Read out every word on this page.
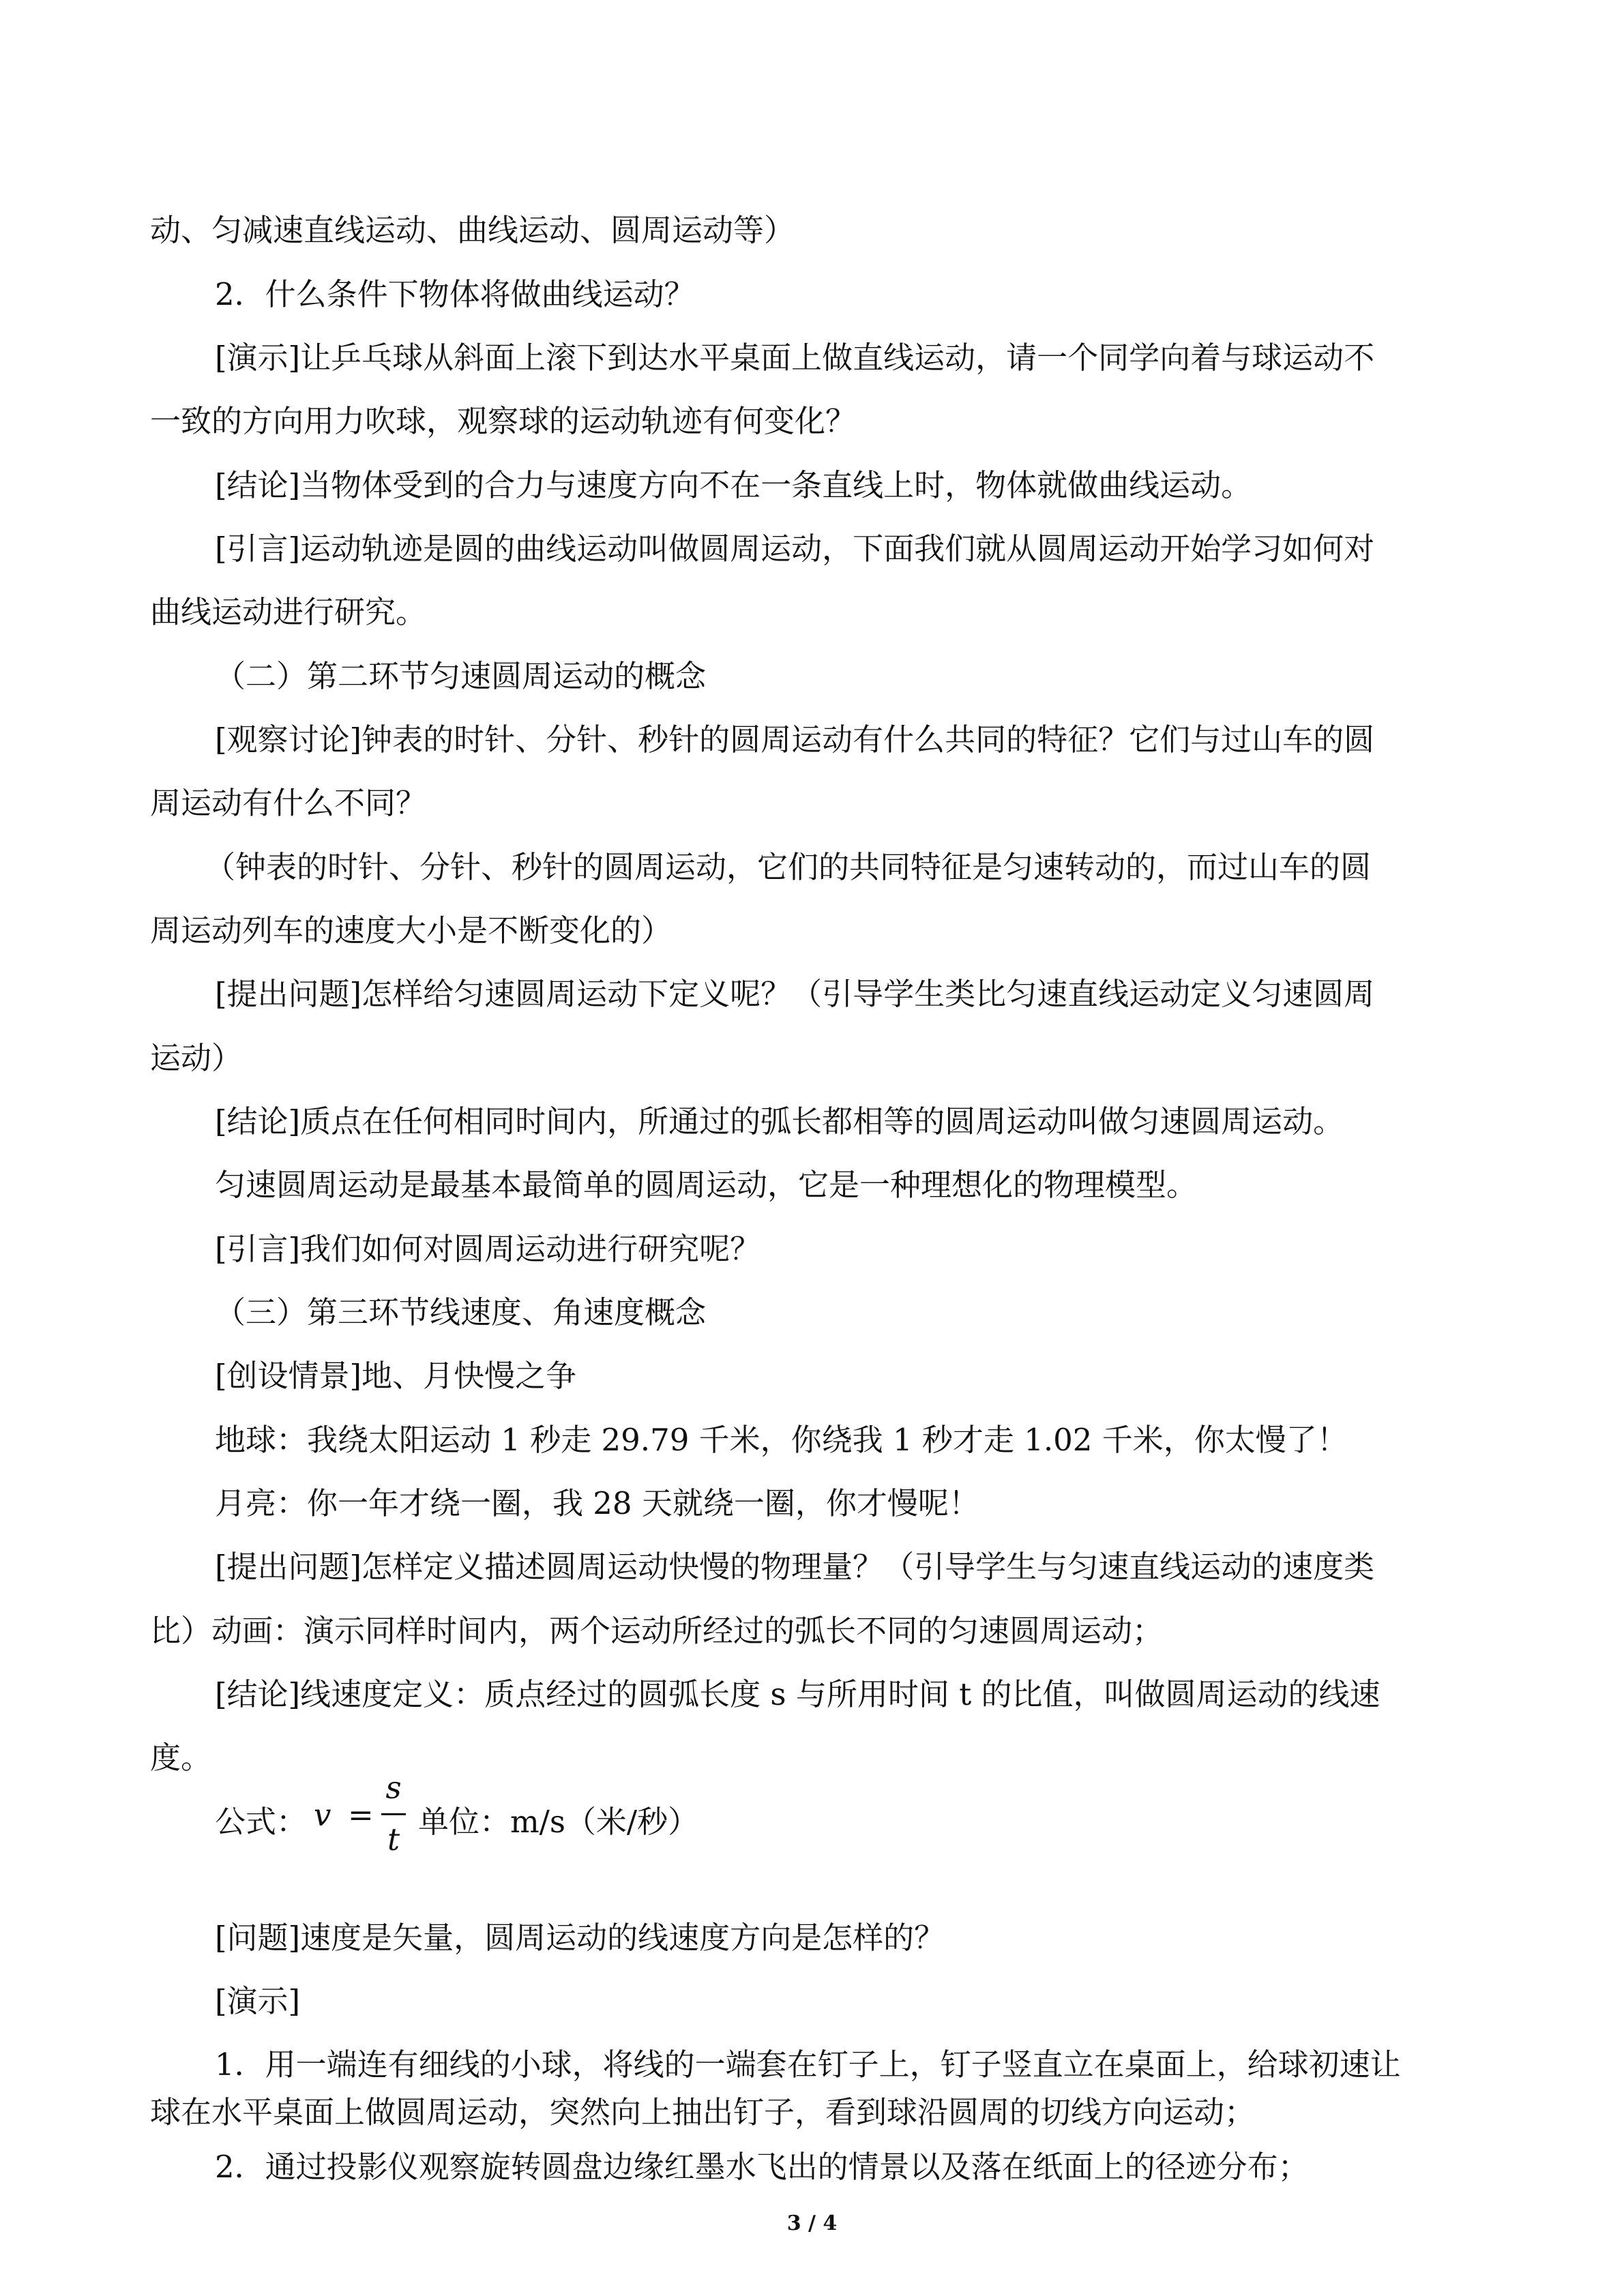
动、匀减速直线运动、曲线运动、圆周运动等）
2．什么条件下物体将做曲线运动？
[演示]让乒乓球从斜面上滚下到达水平桌面上做直线运动，请一个同学向着与球运动不
一致的方向用力吹球，观察球的运动轨迹有何变化？
[结论]当物体受到的合力与速度方向不在一条直线上时，物体就做曲线运动。
[引言]运动轨迹是圆的曲线运动叫做圆周运动，下面我们就从圆周运动开始学习如何对
曲线运动进行研究。
（二）第二环节匀速圆周运动的概念
[观察讨论]钟表的时针、分针、秒针的圆周运动有什么共同的特征？它们与过山车的圆
周运动有什么不同？
（钟表的时针、分针、秒针的圆周运动，它们的共同特征是匀速转动的，而过山车的圆
周运动列车的速度大小是不断变化的）
[提出问题]怎样给匀速圆周运动下定义呢？（引导学生类比匀速直线运动定义匀速圆周
运动）
[结论]质点在任何相同时间内，所通过的弧长都相等的圆周运动叫做匀速圆周运动。
匀速圆周运动是最基本最简单的圆周运动，它是一种理想化的物理模型。
[引言]我们如何对圆周运动进行研究呢？
（三）第三环节线速度、角速度概念
[创设情景]地、月快慢之争
地球：我绕太阳运动 1 秒走 29.79 千米，你绕我 1 秒才走 1.02 千米，你太慢了！
月亮：你一年才绕一圈，我 28 天就绕一圈，你才慢呢！
[提出问题]怎样定义描述圆周运动快慢的物理量？（引导学生与匀速直线运动的速度类
比）动画：演示同样时间内，两个运动所经过的弧长不同的匀速圆周运动；
[结论]线速度定义：质点经过的圆弧长度 s 与所用时间 t 的比值，叫做圆周运动的线速
度。
公式： v =
s
t 单位：m/s（米/秒）
[问题]速度是矢量，圆周运动的线速度方向是怎样的？
[演示]
1．用一端连有细线的小球，将线的一端套在钉子上，钉子竖直立在桌面上，给球初速让
球在水平桌面上做圆周运动，突然向上抽出钉子，看到球沿圆周的切线方向运动；
2．通过投影仪观察旋转圆盘边缘红墨水飞出的情景以及落在纸面上的径迹分布；
3 / 4
